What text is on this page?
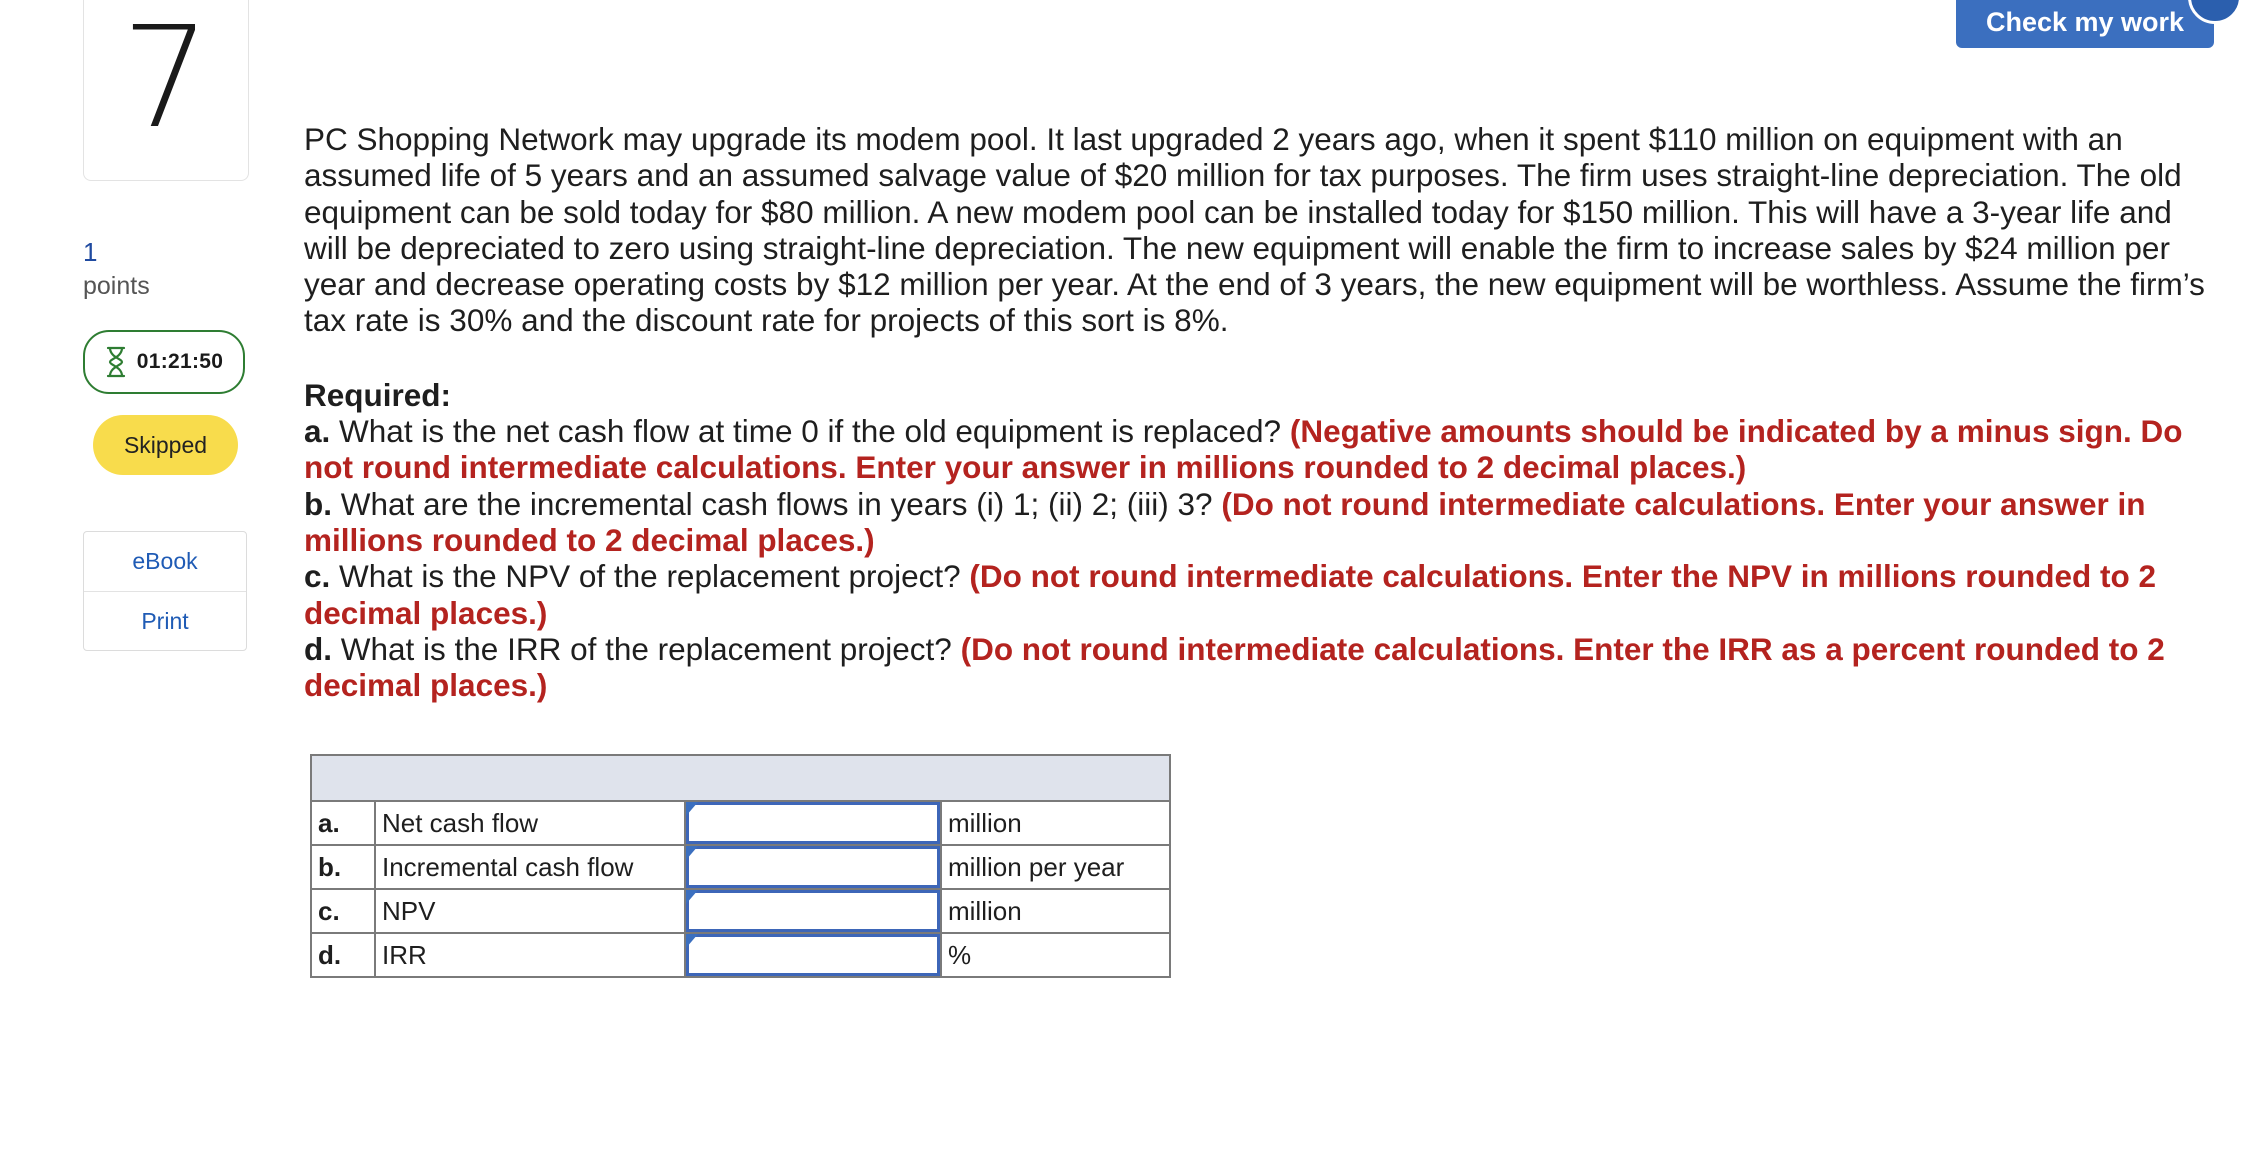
7
1
points
01:21:50
Skipped
eBook
Print
Check my work

PC Shopping Network may upgrade its modem pool. It last upgraded 2 years ago, when it spent $110 million on equipment with an assumed life of 5 years and an assumed salvage value of $20 million for tax purposes. The firm uses straight-line depreciation. The old equipment can be sold today for $80 million. A new modem pool can be installed today for $150 million. This will have a 3-year life and will be depreciated to zero using straight-line depreciation. The new equipment will enable the firm to increase sales by $24 million per year and decrease operating costs by $12 million per year. At the end of 3 years, the new equipment will be worthless. Assume the firm’s tax rate is 30% and the discount rate for projects of this sort is 8%.

Required:

a. What is the net cash flow at time 0 if the old equipment is replaced? (Negative amounts should be indicated by a minus sign. Do not round intermediate calculations. Enter your answer in millions rounded to 2 decimal places.)

b. What are the incremental cash flows in years (i) 1; (ii) 2; (iii) 3? (Do not round intermediate calculations. Enter your answer in millions rounded to 2 decimal places.)

c. What is the NPV of the replacement project? (Do not round intermediate calculations. Enter the NPV in millions rounded to 2 decimal places.)

d. What is the IRR of the replacement project? (Do not round intermediate calculations. Enter the IRR as a percent rounded to 2 decimal places.)

a.	Net cash flow		million
b.	Incremental cash flow		million per year
c.	NPV		million
d.	IRR		%
